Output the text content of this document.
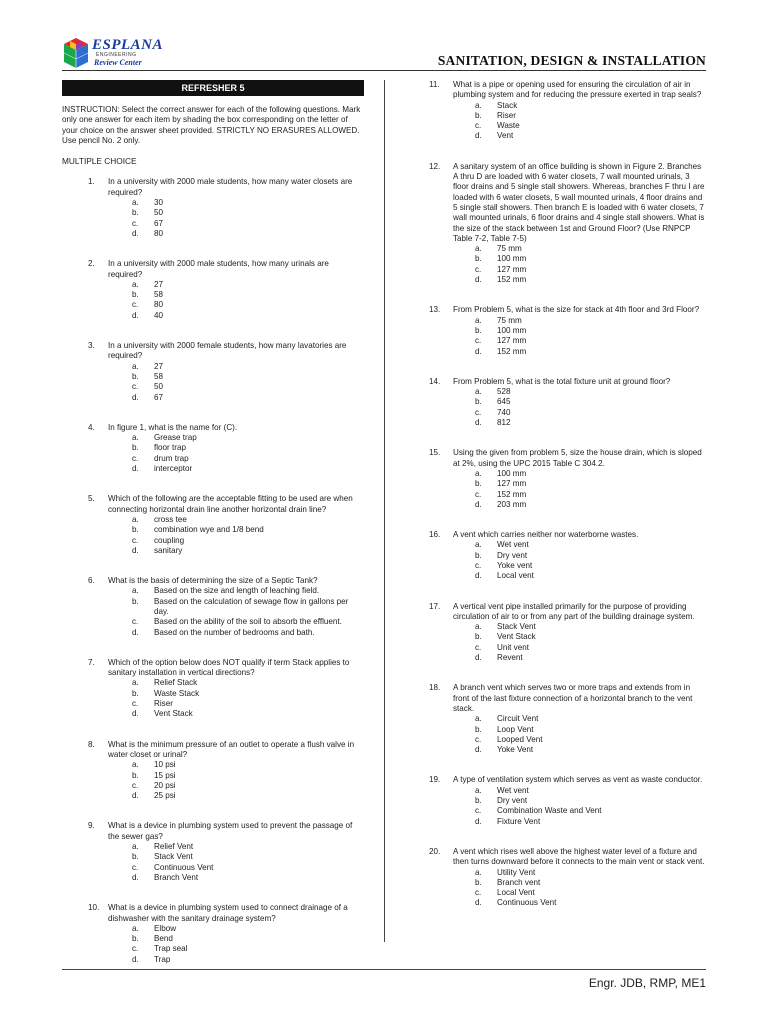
ESPLANA
ENGINEERING
Review Center	SANITATION, DESIGN & INSTALLATION
REFRESHER 5

INSTRUCTION: Select the correct answer for each of the following questions. Mark only one answer for each item by shading the box corresponding on the letter of your choice on the answer sheet provided. STRICTLY NO ERASURES ALLOWED. Use pencil No. 2 only.

MULTIPLE CHOICE
1.	In a university with 2000 male students, how many water closets are required?
a.	30
b.	50
c.	67
d.	80
2.	In a university with 2000 male students, how many urinals are required?
a.	27
b.	58
c.	80
d.	40
3.	In a university with 2000 female students, how many lavatories are required?
a.	27
b.	58
c.	50
d.	67
4.	In figure 1, what is the name for (C).
a.	Grease trap
b.	floor trap
c.	drum trap
d.	interceptor
5.	Which of the following are the acceptable fitting to be used are when connecting horizontal drain line another horizontal drain line?
a.	cross tee
b.	combination wye and 1/8 bend
c.	coupling
d.	sanitary
6.	What is the basis of determining the size of a Septic Tank?
a.	Based on the size and length of leaching field.
b.	Based on the calculation of sewage flow in gallons per day.
c.	Based on the ability of the soil to absorb the effluent.
d.	Based on the number of bedrooms and bath.
7.	Which of the option below does NOT qualify if term Stack applies to sanitary installation in vertical directions?
a.	Relief Stack
b.	Waste Stack
c.	Riser
d.	Vent Stack
8.	What is the minimum pressure of an outlet to operate a flush valve in water closet or urinal?
a.	10 psi
b.	15 psi
c.	20 psi
d.	25 psi
9.	What is a device in plumbing system used to prevent the passage of the sewer gas?
a.	Relief Vent
b.	Stack Vent
c.	Continuous Vent
d.	Branch Vent
10.	What is a device in plumbing system used to connect drainage of a dishwasher with the sanitary drainage system?
a.	Elbow
b.	Bend
c.	Trap seal
d.	Trap
11.	What is a pipe or opening used for ensuring the circulation of air in plumbing system and for reducing the pressure exerted in trap seals?
a.	Stack
b.	Riser
c.	Waste
d.	Vent
12.	A sanitary system of an office building is shown in Figure 2. Branches A thru D are loaded with 6 water closets, 7 wall mounted urinals, 3 floor drains and 5 single stall showers. Whereas, branches F thru I are loaded with 6 water closets, 5 wall mounted urinals, 4 floor drains and 5 single stall showers. Then branch E is loaded with 6 water closets, 7 wall mounted urinals, 6 floor drains and 4 single stall showers. What is the size of the stack between 1st and Ground Floor? (Use RNPCP Table 7-2, Table 7-5)
a.	75 mm
b.	100 mm
c.	127 mm
d.	152 mm
13.	From Problem 5, what is the size for stack at 4th floor and 3rd Floor?
a.	75 mm
b.	100 mm
c.	127 mm
d.	152 mm
14.	From Problem 5, what is the total fixture unit at ground floor?
a.	528
b.	645
c.	740
d.	812
15.	Using the given from problem 5, size the house drain, which is sloped at 2%, using the UPC 2015 Table C 304.2.
a.	100 mm
b.	127 mm
c.	152 mm
d.	203 mm
16.	A vent which carries neither nor waterborne wastes.
a.	Wet vent
b.	Dry vent
c.	Yoke vent
d.	Local vent
17.	A vertical vent pipe installed primarily for the purpose of providing circulation of air to or from any part of the building drainage system.
a.	Stack Vent
b.	Vent Stack
c.	Unit vent
d.	Revent
18.	A branch vent which serves two or more traps and extends from in front of the last fixture connection of a horizontal branch to the vent stack.
a.	Circuit Vent
b.	Loop Vent
c.	Looped Vent
d.	Yoke Vent
19.	A type of ventilation system which serves as vent as waste conductor.
a.	Wet vent
b.	Dry vent
c.	Combination Waste and Vent
d.	Fixture Vent
20.	A vent which rises well above the highest water level of a fixture and then turns downward before it connects to the main vent or stack vent.
a.	Utility Vent
b.	Branch vent
c.	Local Vent
d.	Continuous Vent
Engr. JDB, RMP, ME1
